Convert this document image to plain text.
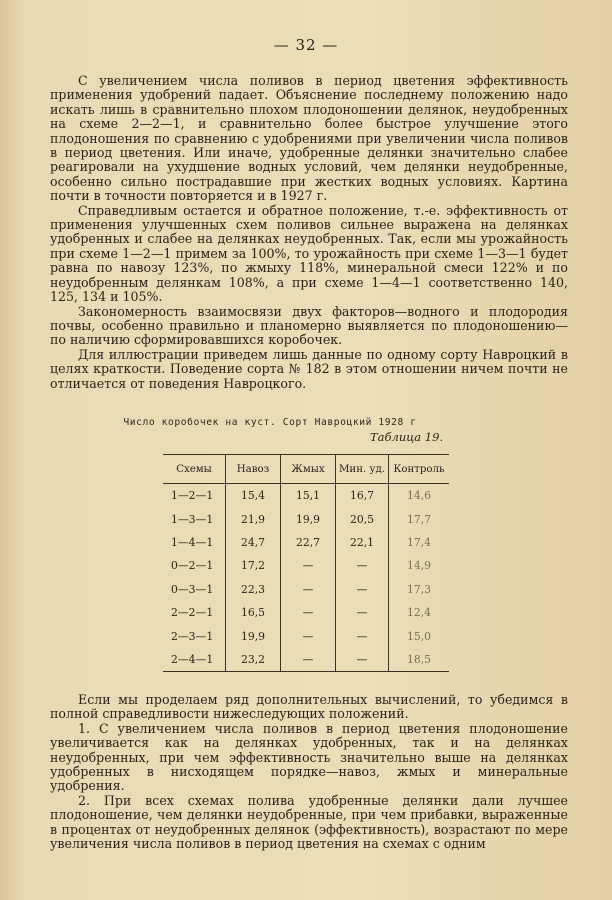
— 32 —

С увеличением числа поливов в период цветения эффективность применения удобрений падает. Объяснение последнему положению надо искать лишь в сравнительно плохом плодоношении делянок, неудобренных на схеме 2—2—1, и сравнительно более быстрое улучшение этого плодоношения по сравнению с удобрениями при увеличении числа поливов в период цветения. Или иначе, удобренные делянки значительно слабее реагировали на ухудшение водных условий, чем делянки неудобренные, особенно сильно пострадавшие при жестких водных условиях. Картина почти в точности повторяется и в 1927 г.

Справедливым остается и обратное положение, т.-е. эффективность от применения улучшенных схем поливов сильнее выражена на делянках удобренных и слабее на делянках неудобренных. Так, если мы урожайность при схеме 1—2—1 примем за 100%, то урожайность при схеме 1—3—1 будет равна по навозу 123%, по жмыху 118%, минеральной смеси 122% и по неудобренным делянкам 108%, а при схеме 1—4—1 соответственно 140, 125, 134 и 105%.

Закономерность взаимосвязи двух факторов—водного и плодородия почвы, особенно правильно и планомерно выявляется по плодоношению—по наличию сформировавшихся коробочек.

Для иллюстрации приведем лишь данные по одному сорту Навроцкий в целях краткости. Поведение сорта № 182 в этом отношении ничем почти не отличается от поведения Навроцкого.

Число коробочек на куст. Сорт Навроцкий 1928 г
Таблица 19.
Схемы	Навоз	Жмых	Мин. уд.	Контроль
1—2—1	15,4	15,1	16,7	14,6
1—3—1	21,9	19,9	20,5	17,7
1—4—1	24,7	22,7	22,1	17,4
0—2—1	17,2	—	—	14,9
0—3—1	22,3	—	—	17,3
2—2—1	16,5	—	—	12,4
2—3—1	19,9	—	—	15,0
2—4—1	23,2	—	—	18,5

Если мы проделаем ряд дополнительных вычислений, то убедимся в полной справедливости нижеследующих положений.

1. С увеличением числа поливов в период цветения плодоношение увеличивается как на делянках удобренных, так и на делянках неудобренных, при чем эффективность значительно выше на делянках удобренных в нисходящем порядке—навоз, жмых и минеральные удобрения.

2. При всех схемах полива удобренные делянки дали лучшее плодоношение, чем делянки неудобренные, при чем прибавки, выраженные в процентах от неудобренных делянок (эффективность), возрастают по мере увеличения числа поливов в период цветения на схемах с одним
